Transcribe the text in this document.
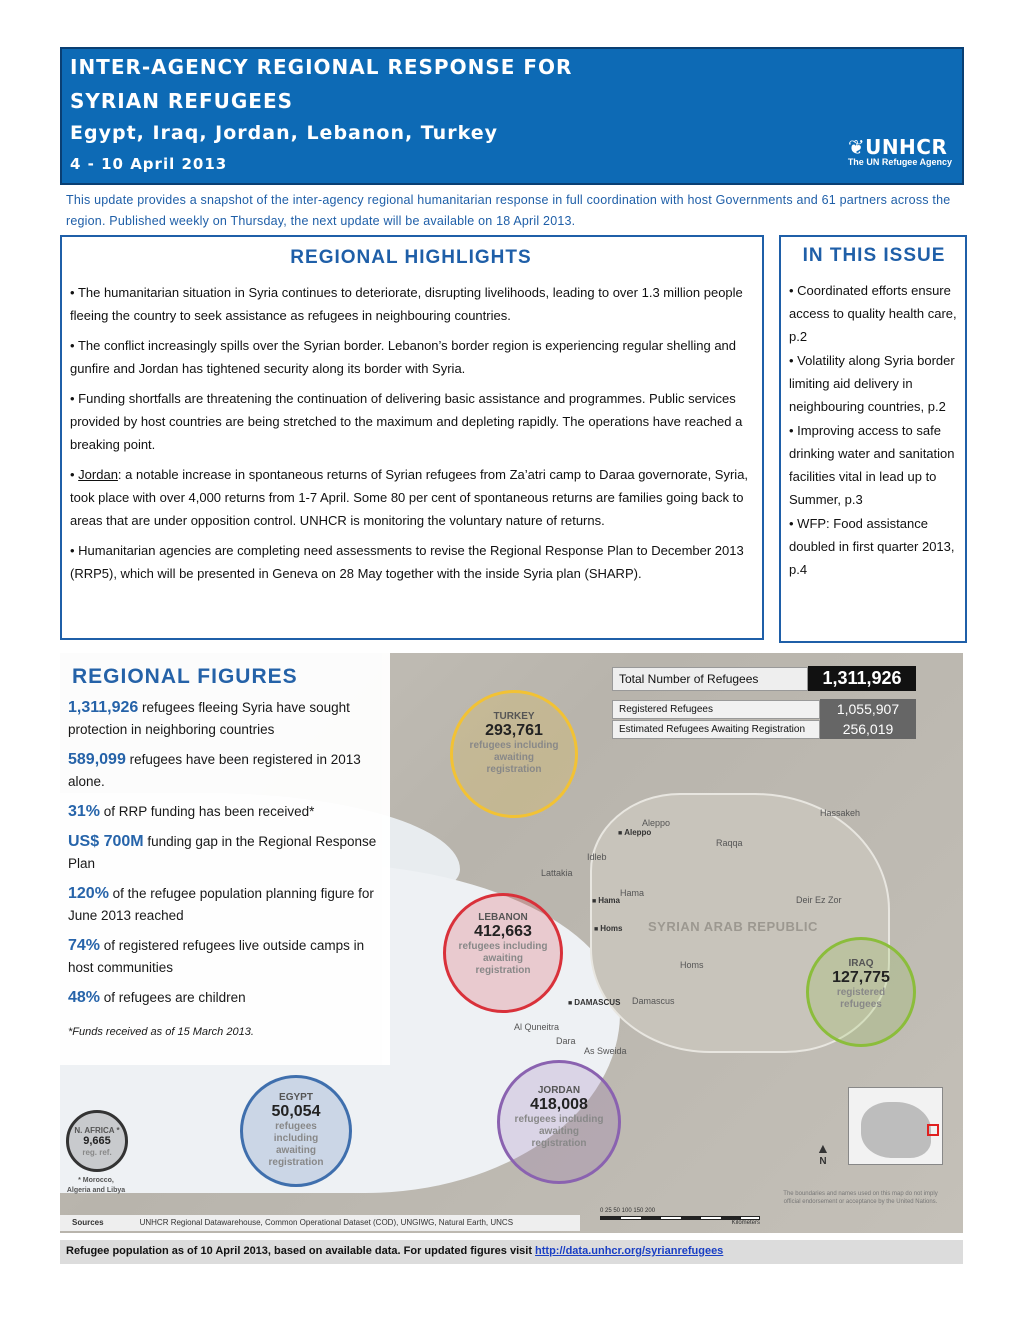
INTER-AGENCY REGIONAL RESPONSE FOR
SYRIAN REFUGEES
Egypt, Iraq, Jordan, Lebanon, Turkey
4 - 10 April 2013
❦UNHCR
The UN Refugee Agency
This update provides a snapshot of the inter-agency regional humanitarian response in full coordination with host Governments and 61 partners across the region. Published weekly on Thursday, the next update will be available on 18 April 2013.
REGIONAL HIGHLIGHTS

• The humanitarian situation in Syria continues to deteriorate, disrupting livelihoods, leading to over 1.3 million people fleeing the country to seek assistance as refugees in neighbouring countries.

• The conflict increasingly spills over the Syrian border. Lebanon’s border region is experiencing regular shelling and gunfire and Jordan has tightened security along its border with Syria.

• Funding shortfalls are threatening the continuation of delivering basic assistance and programmes. Public services provided by host countries are being stretched to the maximum and depleting rapidly. The operations have reached a breaking point.

• Jordan: a notable increase in spontaneous returns of Syrian refugees from Za’atri camp to Daraa governorate, Syria, took place with over 4,000 returns from 1-7 April. Some 80 per cent of spontaneous returns are families going back to areas that are under opposition control. UNHCR is monitoring the voluntary nature of returns.

• Humanitarian agencies are completing need assessments to revise the Regional Response Plan to December 2013 (RRP5), which will be presented in Geneva on 28 May together with the inside Syria plan (SHARP).

IN THIS ISSUE

• Coordinated efforts ensure access to quality health care, p.2

• Volatility along Syria border limiting aid delivery in neighbouring countries, p.2

• Improving access to safe drinking water and sanitation facilities vital in lead up to Summer, p.3

• WFP: Food assistance doubled in first quarter 2013, p.4

SYRIAN ARAB REPUBLIC
Aleppo
■ Aleppo
Hassakeh
Raqqa
Idleb
Lattakia
Hama
■ Hama
Homs
■ Homs
Deir Ez Zor
■ DAMASCUS Damascus
Al Quneitra
Dara
As Sweida
REGIONAL FIGURES

1,311,926 refugees fleeing Syria have sought protection in neighboring countries

589,099 refugees have been registered in 2013 alone.

31% of RRP funding has been received*

US$ 700M funding gap in the Regional Response Plan

120% of the refugee population planning figure for June 2013 reached

74% of registered refugees live outside camps in host communities

48% of refugees are children

*Funds received as of 15 March 2013.

Total Number of Refugees	1,311,926
Registered Refugees	1,055,907
Estimated Refugees Awaiting Registration	256,019
TURKEY
293,761
refugees including awaiting registration
LEBANON
412,663
refugees including awaiting registration
IRAQ
127,775
registered refugees
JORDAN
418,008
refugees including awaiting registration
EGYPT
50,054
refugees including awaiting registration
N. AFRICA *
9,665
reg. ref.
* Morocco, Algeria and Libya
▲
N
The boundaries and names used on this map do not imply official endorsement or acceptance by the United Nations.
0 25 50 100 150 200
Kilometers
Sources	UNHCR Regional Datawarehouse, Common Operational Dataset (COD), UNGIWG, Natural Earth, UNCS
Refugee population as of 10 April 2013, based on available data. For updated figures visit http://data.unhcr.org/syrianrefugees
